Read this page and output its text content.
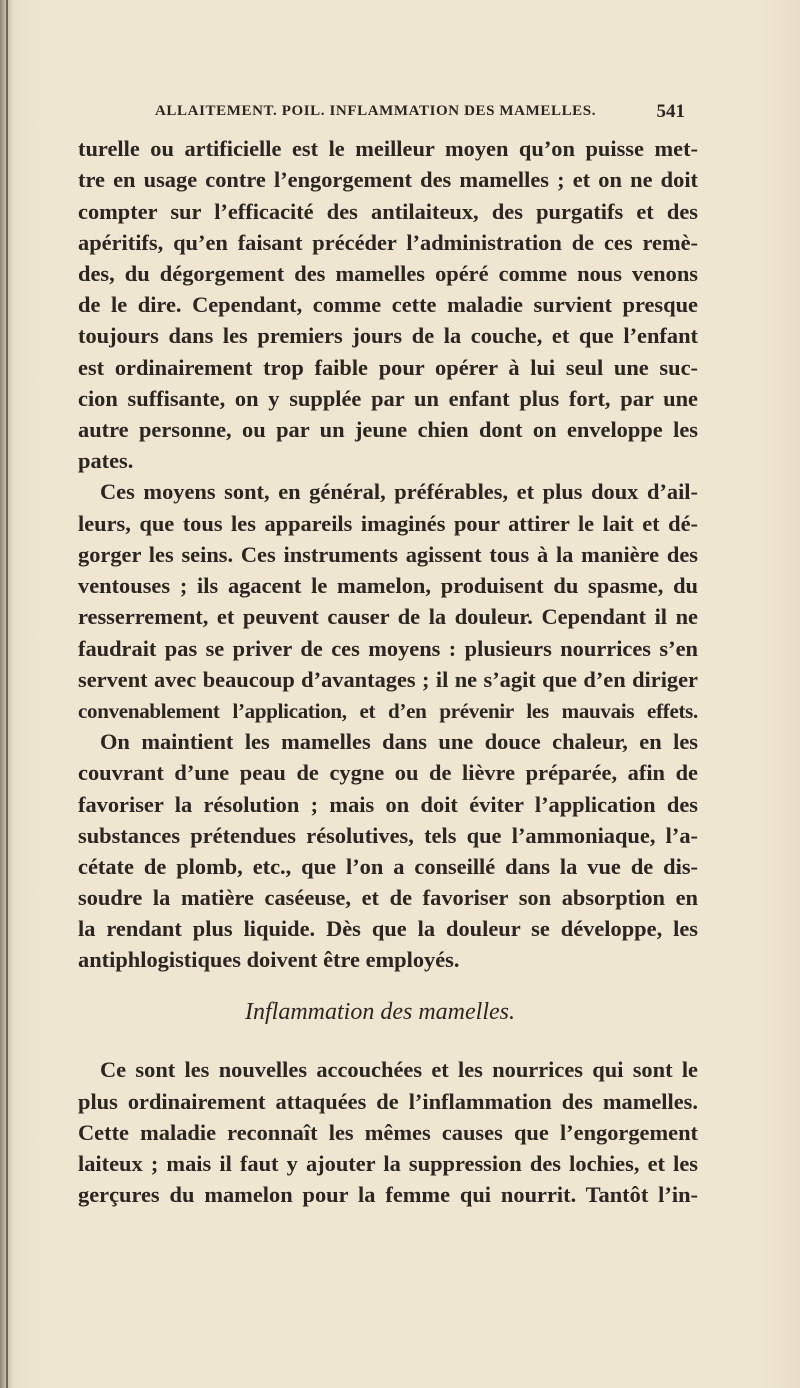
ALLAITEMENT. POIL. INFLAMMATION DES MAMELLES.	541
turelle ou artificielle est le meilleur moyen qu’on puisse met-
tre en usage contre l’engorgement des mamelles ; et on ne doit
compter sur l’efficacité des antilaiteux, des purgatifs et des
apéritifs, qu’en faisant précéder l’administration de ces remè-
des, du dégorgement des mamelles opéré comme nous venons
de le dire. Cependant, comme cette maladie survient presque
toujours dans les premiers jours de la couche, et que l’enfant
est ordinairement trop faible pour opérer à lui seul une suc-
cion suffisante, on y supplée par un enfant plus fort, par une
autre personne, ou par un jeune chien dont on enveloppe les
pates.
Ces moyens sont, en général, préférables, et plus doux d’ail-
leurs, que tous les appareils imaginés pour attirer le lait et dé-
gorger les seins. Ces instruments agissent tous à la manière des
ventouses ; ils agacent le mamelon, produisent du spasme, du
resserrement, et peuvent causer de la douleur. Cependant il ne
faudrait pas se priver de ces moyens : plusieurs nourrices s’en
servent avec beaucoup d’avantages ; il ne s’agit que d’en diriger
convenablement l’application, et d’en prévenir les mauvais effets.
On maintient les mamelles dans une douce chaleur, en les
couvrant d’une peau de cygne ou de lièvre préparée, afin de
favoriser la résolution ; mais on doit éviter l’application des
substances prétendues résolutives, tels que l’ammoniaque, l’a-
cétate de plomb, etc., que l’on a conseillé dans la vue de dis-
soudre la matière caséeuse, et de favoriser son absorption en
la rendant plus liquide. Dès que la douleur se développe, les
antiphlogistiques doivent être employés.
Inflammation des mamelles.
Ce sont les nouvelles accouchées et les nourrices qui sont le
plus ordinairement attaquées de l’inflammation des mamelles.
Cette maladie reconnaît les mêmes causes que l’engorgement
laiteux ; mais il faut y ajouter la suppression des lochies, et les
gerçures du mamelon pour la femme qui nourrit. Tantôt l’in-
